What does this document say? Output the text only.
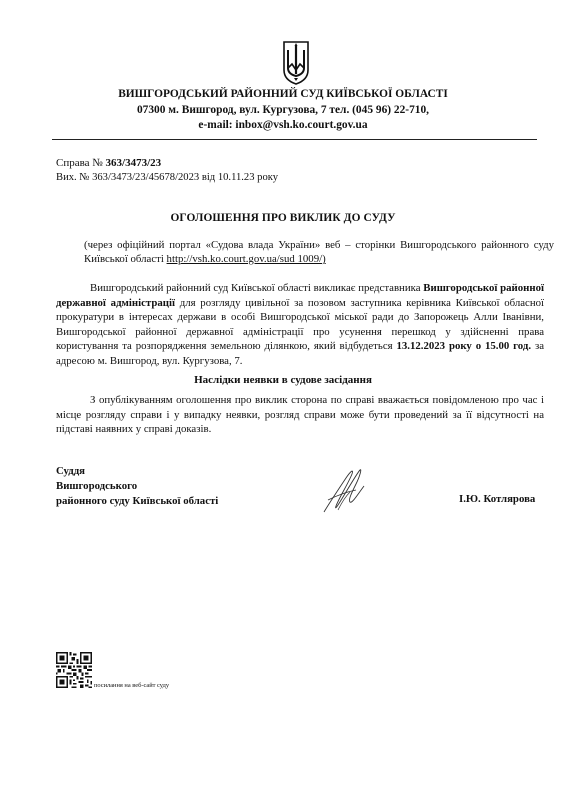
ВИШГОРОДСЬКИЙ РАЙОННИЙ СУД КИЇВСЬКОЇ ОБЛАСТІ
07300 м. Вишгород, вул. Кургузова, 7 тел. (045 96) 22-710,
e-mail: inbox@vsh.ko.court.gov.ua
Справа № 363/3473/23
Вих. № 363/3473/23/45678/2023 від 10.11.23 року
ОГОЛОШЕННЯ ПРО ВИКЛИК ДО СУДУ
(через офіційний портал «Судова влада України» веб – сторінки Вишгородського районного суду Київської області http://vsh.ko.court.gov.ua/sud 1009/)
Вишгородський районний суд Київської області викликає представника Вишгородської районної державної адміністрації для розгляду цивільної за позовом заступника керівника Київської обласної прокуратури в інтересах держави в особі Вишгородської міської ради до Запорожець Алли Іванівни, Вишгородської районної державної адміністрації про усунення перешкод у здійсненні права користування та розпорядження земельною ділянкою, який відбудеться 13.12.2023 року о 15.00 год. за адресою м. Вишгород, вул. Кургузова, 7.
Наслідки неявки в судове засідання
З опублікуванням оголошення про виклик сторона по справі вважається повідомленою про час і місце розгляду справи і у випадку неявки, розгляд справи може бути проведений за її відсутності на підставі наявних у справі доказів.
Суддя
Вишгородського
районного суду Київської області	І.Ю. Котлярова
посилання на веб-сайт суду
